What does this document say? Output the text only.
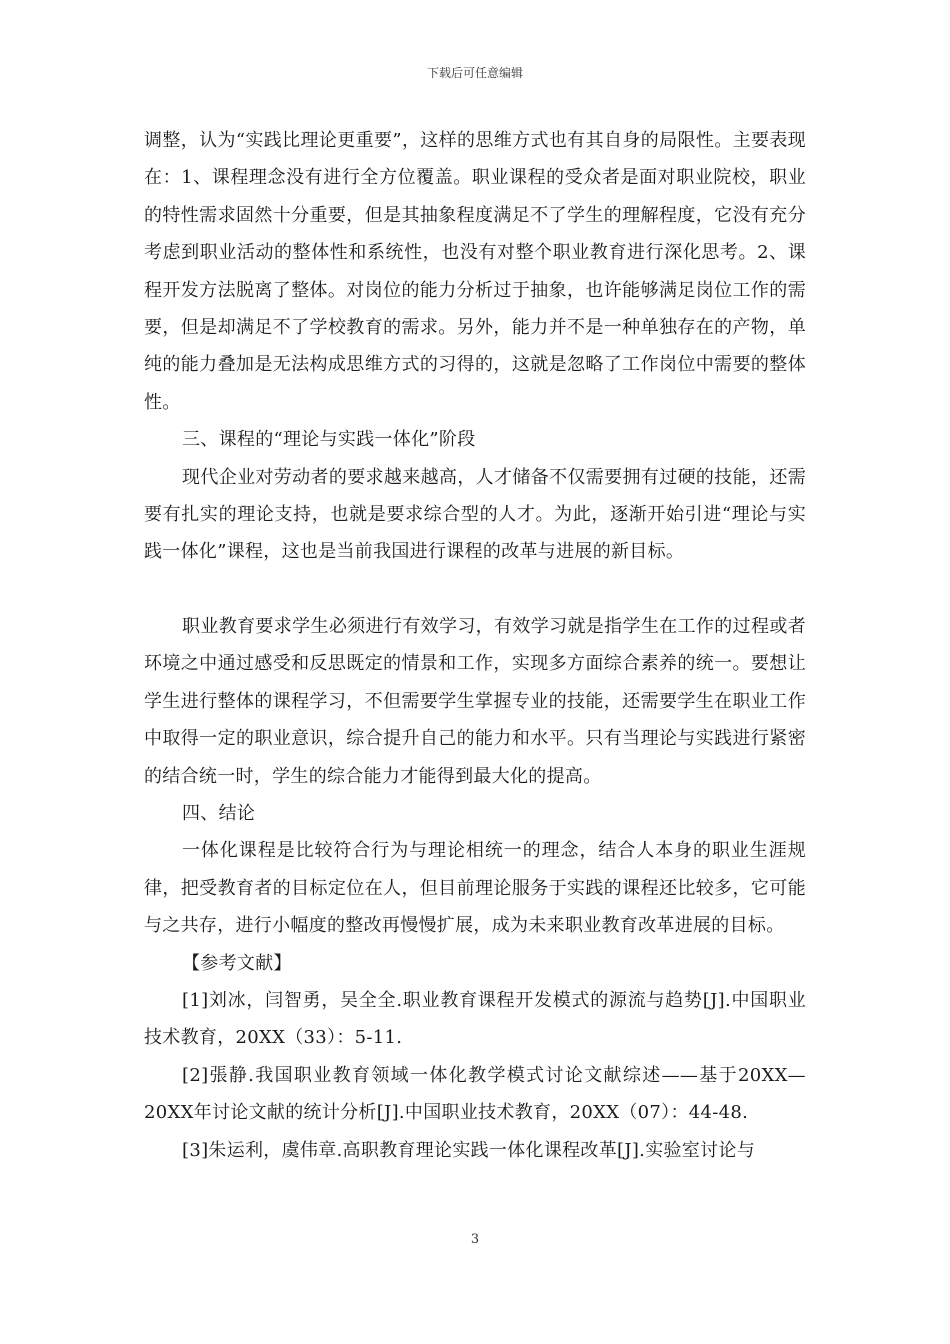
下载后可任意编辑

调整，认为“实践比理论更重要”，这样的思维方式也有其自身的局限性。主要表现在：1、课程理念没有进行全方位覆盖。职业课程的受众者是面对职业院校，职业的特性需求固然十分重要，但是其抽象程度满足不了学生的理解程度，它没有充分考虑到职业活动的整体性和系统性，也没有对整个职业教育进行深化思考。2、课程开发方法脱离了整体。对岗位的能力分析过于抽象，也许能够满足岗位工作的需要，但是却满足不了学校教育的需求。另外，能力并不是一种单独存在的产物，单纯的能力叠加是无法构成思维方式的习得的，这就是忽略了工作岗位中需要的整体性。

三、课程的“理论与实践一体化”阶段

现代企业对劳动者的要求越来越高，人才储备不仅需要拥有过硬的技能，还需要有扎实的理论支持，也就是要求综合型的人才。为此，逐渐开始引进“理论与实践一体化”课程，这也是当前我国进行课程的改革与进展的新目标。

职业教育要求学生必须进行有效学习，有效学习就是指学生在工作的过程或者环境之中通过感受和反思既定的情景和工作，实现多方面综合素养的统一。要想让学生进行整体的课程学习，不但需要学生掌握专业的技能，还需要学生在职业工作中取得一定的职业意识，综合提升自己的能力和水平。只有当理论与实践进行紧密的结合统一时，学生的综合能力才能得到最大化的提高。

四、结论

一体化课程是比较符合行为与理论相统一的理念，结合人本身的职业生涯规律，把受教育者的目标定位在人，但目前理论服务于实践的课程还比较多，它可能与之共存，进行小幅度的整改再慢慢扩展，成为未来职业教育改革进展的目标。

【参考文献】

[1]刘冰，闫智勇，吴全全.职业教育课程开发模式的源流与趋势[J].中国职业技术教育，20XX（33）：5-11.

[2]張静.我国职业教育领域一体化教学模式讨论文献综述——基于20XX—20XX年讨论文献的统计分析[J].中国职业技术教育，20XX（07）：44-48.

[3]朱运利，虞伟章.高职教育理论实践一体化课程改革[J].实验室讨论与

3
